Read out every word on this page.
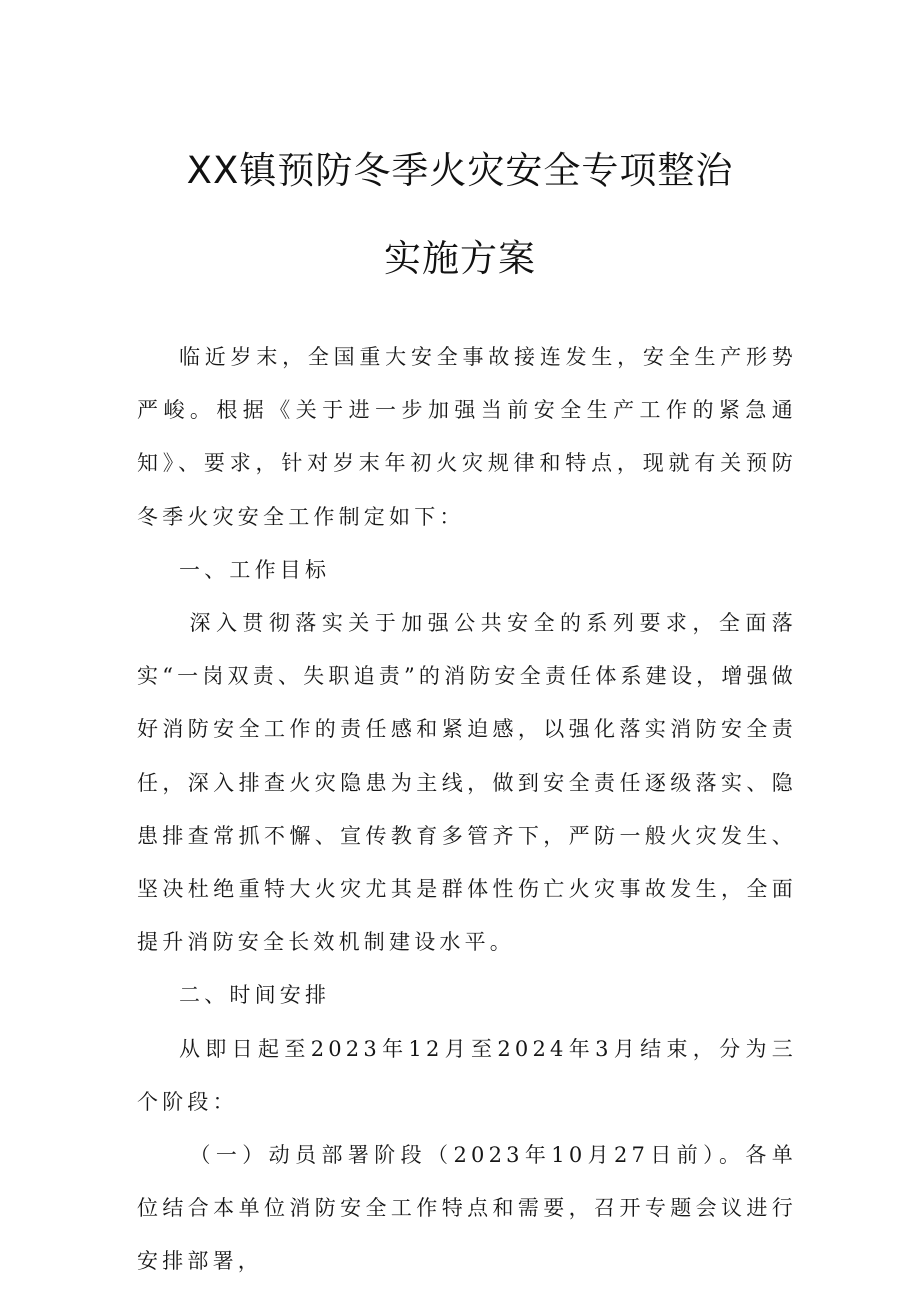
XX镇预防冬季火灾安全专项整治
实施方案

临近岁末，全国重大安全事故接连发生，安全生产形势严峻。根据《关于进一步加强当前安全生产工作的紧急通知》、要求，针对岁末年初火灾规律和特点，现就有关预防冬季火灾安全工作制定如下：

一、工作目标

深入贯彻落实关于加强公共安全的系列要求，全面落实“一岗双责、失职追责”的消防安全责任体系建设，增强做好消防安全工作的责任感和紧迫感，以强化落实消防安全责任，深入排查火灾隐患为主线，做到安全责任逐级落实、隐患排查常抓不懈、宣传教育多管齐下，严防一般火灾发生、坚决杜绝重特大火灾尤其是群体性伤亡火灾事故发生，全面提升消防安全长效机制建设水平。

二、时间安排

从即日起至2023年12月至2024年3月结束，分为三个阶段：

（一）动员部署阶段（2023年10月27日前）。各单位结合本单位消防安全工作特点和需要，召开专题会议进行安排部署，
